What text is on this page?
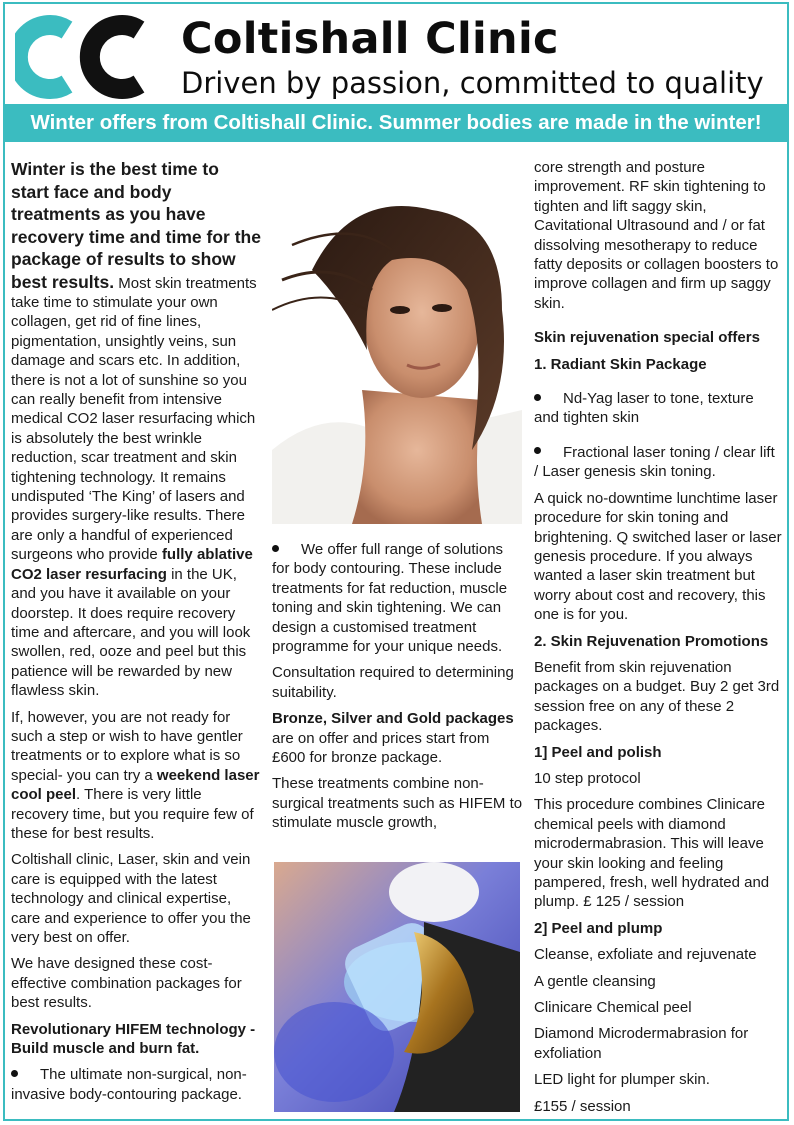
Coltishall Clinic
Driven by passion, committed to quality
Winter offers from Coltishall Clinic. Summer bodies are made in the winter!

Winter is the best time to start face and body treatments as you have recovery time and time for the package of results to show best results. Most skin treatments take time to stimulate your own collagen, get rid of fine lines, pigmentation, unsightly veins, sun damage and scars etc. In addition, there is not a lot of sunshine so you can really benefit from intensive medical CO2 laser resurfacing which is absolutely the best wrinkle reduction, scar treatment and skin tightening technology. It remains undisputed ‘The King’ of lasers and provides surgery-like results. There are only a handful of experienced surgeons who provide fully ablative CO2 laser resurfacing in the UK, and you have it available on your doorstep. It does require recovery time and aftercare, and you will look swollen, red, ooze and peel but this patience will be rewarded by new flawless skin.

If, however, you are not ready for such a step or wish to have gentler treatments or to explore what is so special- you can try a weekend laser cool peel. There is very little recovery time, but you require few of these for best results.

Coltishall clinic, Laser, skin and vein care is equipped with the latest technology and clinical expertise, care and experience to offer you the very best on offer.

We have designed these cost-effective combination packages for best results.

Revolutionary HIFEM technology -Build muscle and burn fat.

The ultimate non-surgical, non-invasive body-contouring package.

We offer full range of solutions for body contouring. These include treatments for fat reduction, muscle toning and skin tightening. We can design a customised treatment programme for your unique needs.

Consultation required to determining suitability.

Bronze, Silver and Gold packages are on offer and prices start from £600 for bronze package.

These treatments combine non-surgical treatments such as HIFEM to stimulate muscle growth,

core strength and posture improvement. RF skin tightening to tighten and lift saggy skin, Cavitational Ultrasound and / or fat dissolving mesotherapy to reduce fatty deposits or collagen boosters to improve collagen and firm up saggy skin.

Skin rejuvenation special offers

1. Radiant Skin Package

Nd-Yag laser to tone, texture and tighten skin

Fractional laser toning / clear lift / Laser genesis skin toning.

A quick no-downtime lunchtime laser procedure for skin toning and brightening. Q switched laser or laser genesis procedure. If you always wanted a laser skin treatment but worry about cost and recovery, this one is for you.

2. Skin Rejuvenation Promotions

Benefit from skin rejuvenation packages on a budget. Buy 2 get 3rd session free on any of these 2 packages.

1] Peel and polish

10 step protocol

This procedure combines Clinicare chemical peels with diamond microdermabrasion. This will leave your skin looking and feeling pampered, fresh, well hydrated and plump. £ 125 / session

2] Peel and plump

Cleanse, exfoliate and rejuvenate

A gentle cleansing

Clinicare Chemical peel

Diamond Microdermabrasion for exfoliation

LED light for plumper skin.

£155 / session
